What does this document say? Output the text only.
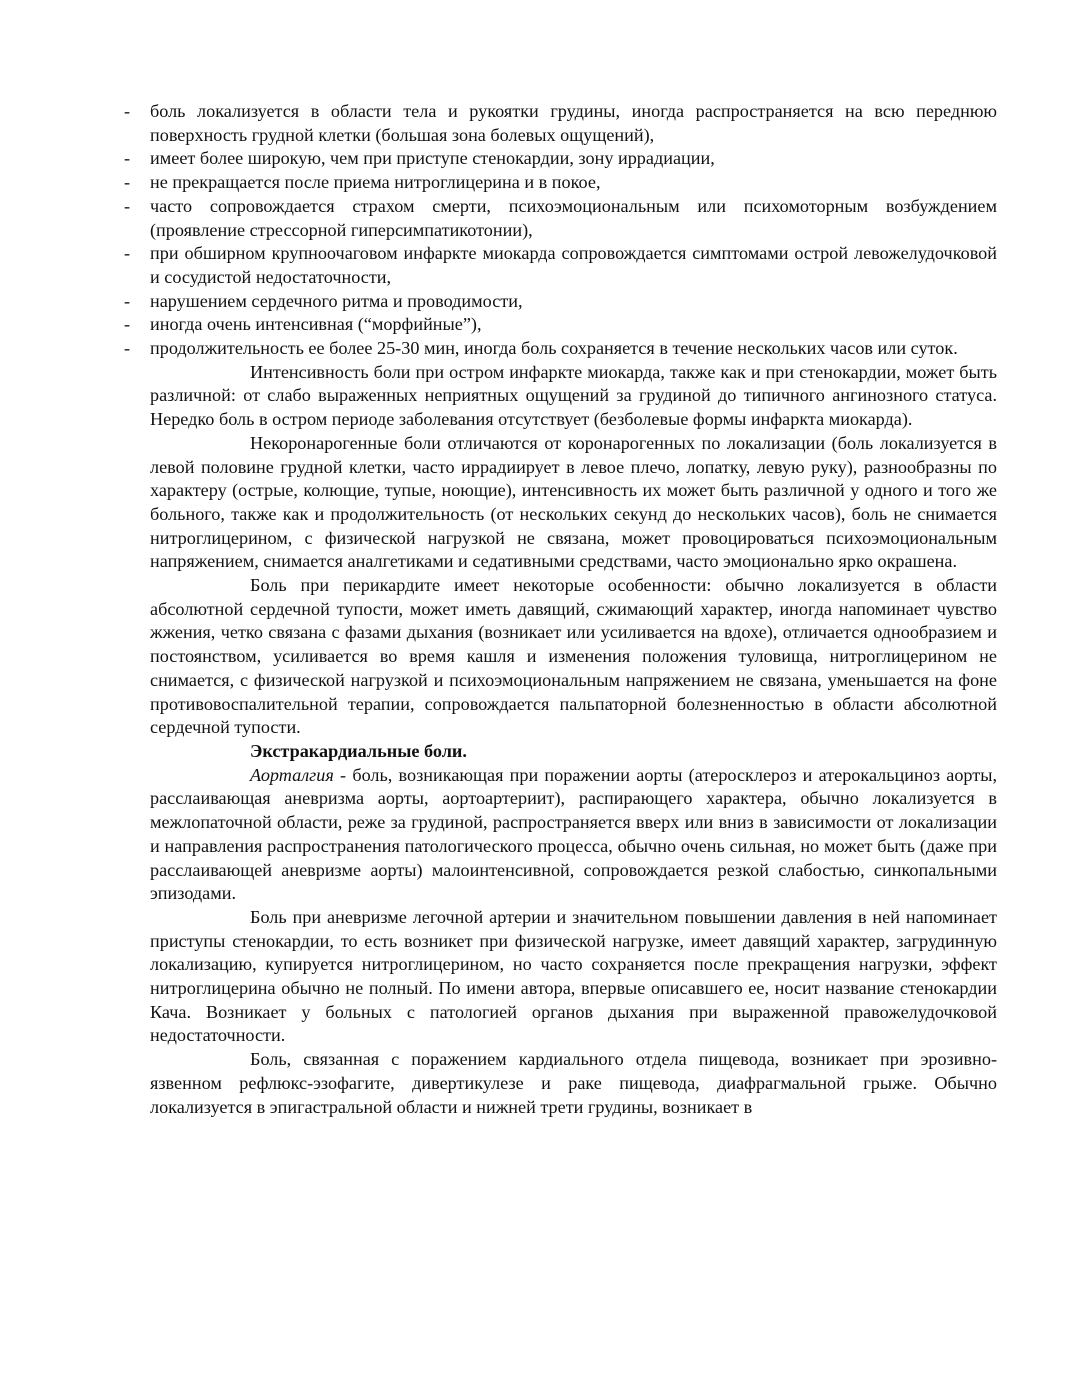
- боль локализуется в области тела и рукоятки грудины, иногда распространяется на всю переднюю поверхность грудной клетки (большая зона болевых ощущений),
- имеет более широкую, чем при приступе стенокардии, зону иррадиации,
- не прекращается после приема нитроглицерина и в покое,
- часто сопровождается страхом смерти, психоэмоциональным или психомоторным возбуждением (проявление стрессорной гиперсимпатикотонии),
- при обширном крупноочаговом инфаркте миокарда сопровождается симптомами острой левожелудочковой и сосудистой недостаточности,
- нарушением сердечного ритма и проводимости,
- иногда очень интенсивная (“морфийные”),
- продолжительность ее более 25-30 мин, иногда боль сохраняется в течение нескольких часов или суток.

Интенсивность боли при остром инфаркте миокарда, также как и при стенокардии, может быть различной: от слабо выраженных неприятных ощущений за грудиной до типичного ангинозного статуса. Нередко боль в остром периоде заболевания отсутствует (безболевые формы инфаркта миокарда).

Некоронарогенные боли отличаются от коронарогенных по локализации (боль локализуется в левой половине грудной клетки, часто иррадиирует в левое плечо, лопатку, левую руку), разнообразны по характеру (острые, колющие, тупые, ноющие), интенсивность их может быть различной у одного и того же больного, также как и продолжительность (от нескольких секунд до нескольких часов), боль не снимается нитроглицерином, с физической нагрузкой не связана, может провоцироваться психоэмоциональным напряжением, снимается аналгетиками и седативными средствами, часто эмоционально ярко окрашена.

Боль при перикардите имеет некоторые особенности: обычно локализуется в области абсолютной сердечной тупости, может иметь давящий, сжимающий характер, иногда напоминает чувство жжения, четко связана с фазами дыхания (возникает или усиливается на вдохе), отличается однообразием и постоянством, усиливается во время кашля и изменения положения туловища, нитроглицерином не снимается, с физической нагрузкой и психоэмоциональным напряжением не связана, уменьшается на фоне противовоспалительной терапии, сопровождается пальпаторной болезненностью в области абсолютной сердечной тупости.

Экстракардиальные боли.

Аорталгия - боль, возникающая при поражении аорты (атеросклероз и атерокальциноз аорты, расслаивающая аневризма аорты, аортоартериит), распирающего характера, обычно локализуется в межлопаточной области, реже за грудиной, распространяется вверх или вниз в зависимости от локализации и направления распространения патологического процесса, обычно очень сильная, но может быть (даже при расслаивающей аневризме аорты) малоинтенсивной, сопровождается резкой слабостью, синкопальными эпизодами.

Боль при аневризме легочной артерии и значительном повышении давления в ней напоминает приступы стенокардии, то есть возникет при физической нагрузке, имеет давящий характер, загрудинную локализацию, купируется нитроглицерином, но часто сохраняется после прекращения нагрузки, эффект нитроглицерина обычно не полный. По имени автора, впервые описавшего ее, носит название стенокардии Кача. Возникает у больных с патологией органов дыхания при выраженной правожелудочковой недостаточности.

Боль, связанная с поражением кардиального отдела пищевода, возникает при эрозивно-язвенном рефлюкс-эзофагите, дивертикулезе и раке пищевода, диафрагмальной грыже. Обычно локализуется в эпигастральной области и нижней трети грудины, возникает в
